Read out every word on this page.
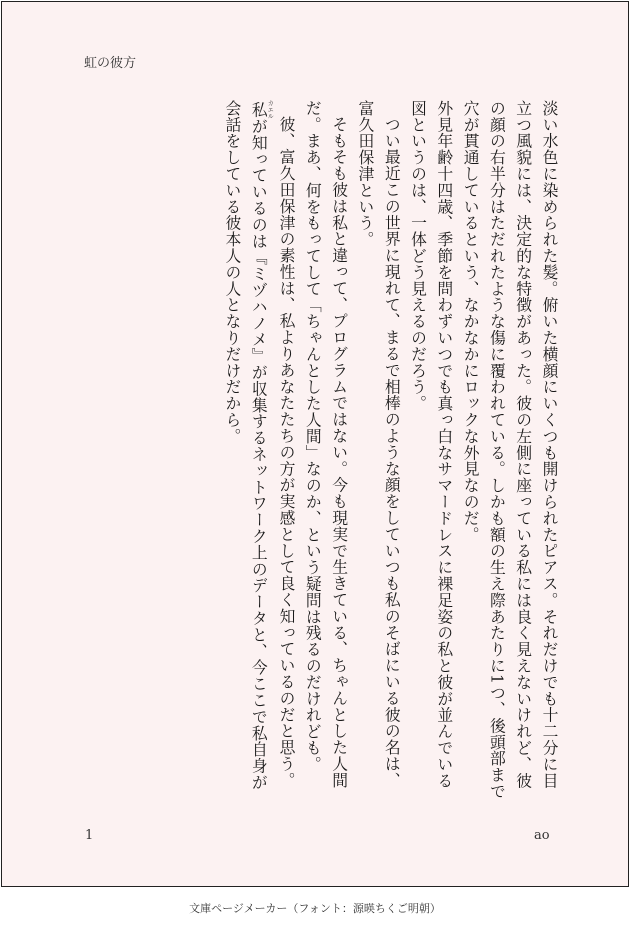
虹の彼方

淡い水色に染められた髪。俯いた横顔にいくつも開けられたピアス。それだけでも十二分に目立つ風貌には、決定的な特徴があった。彼の左側に座っている私には良く見えないけれど、彼の顔の右半分はただれたような傷に覆われている。しかも額の生え際あたりに1つ、後頭部まで穴が貫通しているという、なかなかにロックな外見なのだ。

外見年齢十四歳、季節を問わずいつでも真っ白なサマードレスに裸足姿の私と彼が並んでいる図というのは、一体どう見えるのだろう。

つい最近この世界に現れて、まるで相棒のような顔をしていつも私のそばにいる彼の名は、富久田保津という。

そもそも彼は私と違って、プログラムではない。今も現実で生きている、ちゃんとした人間だ。まあ、何をもってして「ちゃんとした人間」なのか、という疑問は残るのだけれども。

彼、富久田保津の素性は、私よりあなたたちの方が実感として良く知っているのだと思う。

私カエルが知っているのは『ミヅハノメ』が収集するネットワーク上のデータと、今ここで私自身が会話をしている彼本人の人となりだけだから。

1	ao
文庫ページメーカー（フォント：源暎ちくご明朝）
